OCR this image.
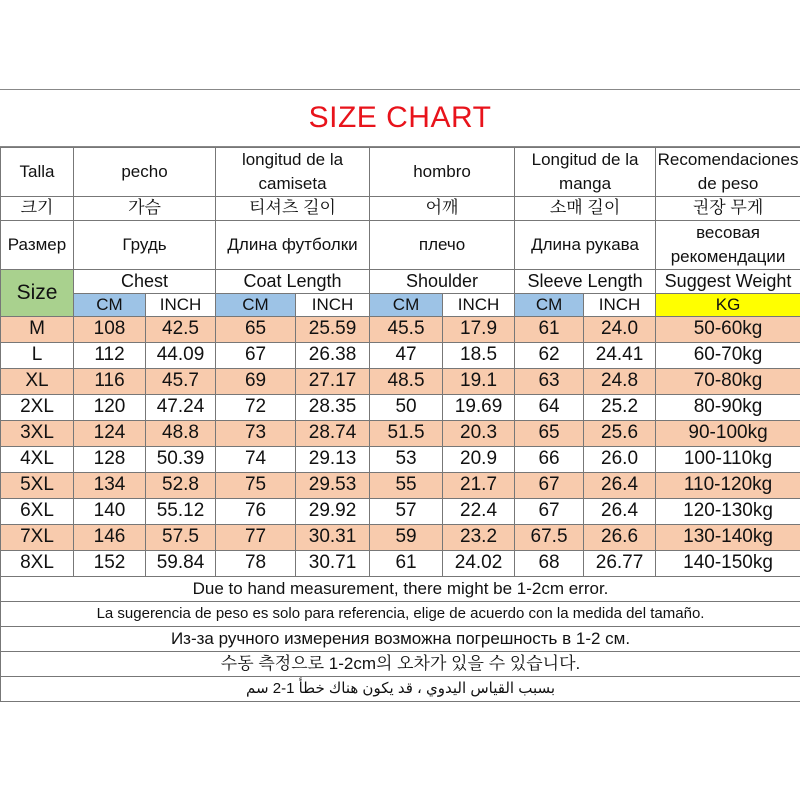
SIZE CHART
Talla	pecho		longitud de la camiseta		hombro		Longitud de la manga		Recomendaciones de peso
크기	가슴		티셔츠 길이		어깨		소매 길이		권장 무게
Размер	Грудь		Длина футболки		плечо		Длина рукава		весовая рекомендации
Size	Chest		Coat Length		Shoulder		Sleeve Length		Suggest Weight
	CM	INCH	CM	INCH	CM	INCH	CM	INCH	KG
M	108	42.5	65	25.59	45.5	17.9	61	24.0	50-60kg
L	112	44.09	67	26.38	47	18.5	62	24.41	60-70kg
XL	116	45.7	69	27.17	48.5	19.1	63	24.8	70-80kg
2XL	120	47.24	72	28.35	50	19.69	64	25.2	80-90kg
3XL	124	48.8	73	28.74	51.5	20.3	65	25.6	90-100kg
4XL	128	50.39	74	29.13	53	20.9	66	26.0	100-110kg
5XL	134	52.8	75	29.53	55	21.7	67	26.4	110-120kg
6XL	140	55.12	76	29.92	57	22.4	67	26.4	120-130kg
7XL	146	57.5	77	30.31	59	23.2	67.5	26.6	130-140kg
8XL	152	59.84	78	30.71	61	24.02	68	26.77	140-150kg
Due to hand measurement, there might be 1-2cm error.									
La sugerencia de peso es solo para referencia, elige de acuerdo con la medida del tamaño.									
Из-за ручного измерения возможна погрешность в 1-2 см.									
수동 측정으로 1-2cm의 오차가 있을 수 있습니다.									
بسبب القياس اليدوي ، قد يكون هناك خطأ 1-2 سم									
